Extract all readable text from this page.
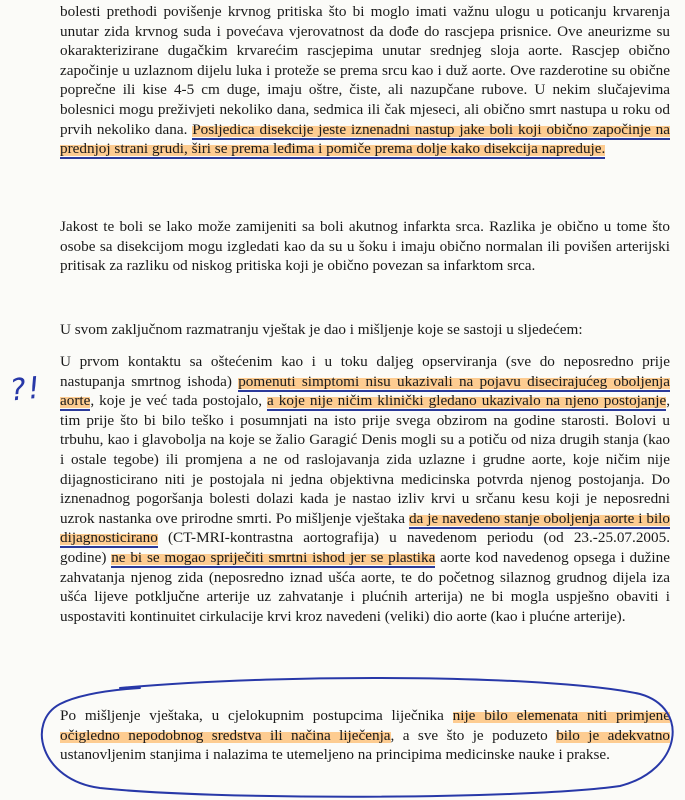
bolesti prethodi povišenje krvnog pritiska što bi moglo imati važnu ulogu u poticanju krvarenja unutar zida krvnog suda i povećava vjerovatnost da dođe do rascjepa prisnice. Ove aneurizme su okarakterizirane dugačkim krvarećim rascjepima unutar srednjeg sloja aorte. Rascjep obično započinje u uzlaznom dijelu luka i proteže se prema srcu kao i duž aorte. Ove razderotine su obične poprečne ili kise 4-5 cm duge, imaju oštre, čiste, ali nazupčane rubove. U nekim slučajevima bolesnici mogu preživjeti nekoliko dana, sedmica ili čak mjeseci, ali obično smrt nastupa u roku od prvih nekoliko dana. Posljedica disekcije jeste iznenadni nastup jake boli koji obično započinje na prednjoj strani grudi, širi se prema leđima i pomiče prema dolje kako disekcija napreduje.

Jakost te boli se lako može zamijeniti sa boli akutnog infarkta srca. Razlika je obično u tome što osobe sa disekcijom mogu izgledati kao da su u šoku i imaju obično normalan ili povišen arterijski pritisak za razliku od niskog pritiska koji je obično povezan sa infarktom srca.

U svom zaključnom razmatranju vještak je dao i mišljenje koje se sastoji u sljedećem:

U prvom kontaktu sa oštećenim kao i u toku daljeg opserviranja (sve do neposredno prije nastupanja smrtnog ishoda) pomenuti simptomi nisu ukazivali na pojavu disecirajućeg oboljenja aorte, koje je već tada postojalo, a koje nije ničim klinički gledano ukazivalo na njeno postojanje, tim prije što bi bilo teško i posumnjati na isto prije svega obzirom na godine starosti. Bolovi u trbuhu, kao i glavobolja na koje se žalio Garagić Denis mogli su a potiču od niza drugih stanja (kao i ostale tegobe) ili promjena a ne od raslojavanja zida uzlazne i grudne aorte, koje ničim nije dijagnosticirano niti je postojala ni jedna objektivna medicinska potvrda njenog postojanja. Do iznenadnog pogoršanja bolesti dolazi kada je nastao izliv krvi u srčanu kesu koji je neposredni uzrok nastanka ove prirodne smrti. Po mišljenje vještaka da je navedeno stanje oboljenja aorte i bilo dijagnosticirano (CT-MRI-kontrastna aortografija) u navedenom periodu (od 23.-25.07.2005. godine) ne bi se mogao spriječiti smrtni ishod jer se plastika aorte kod navedenog opsega i dužine zahvatanja njenog zida (neposredno iznad ušća aorte, te do početnog silaznog grudnog dijela iza ušća lijeve potključne arterije uz zahvatanje i plućnih arterija) ne bi mogla uspješno obaviti i uspostaviti kontinuitet cirkulacije krvi kroz navedeni (veliki) dio aorte (kao i plućne arterije).

Po mišljenje vještaka, u cjelokupnim postupcima liječnika nije bilo elemenata niti primjene očigledno nepodobnog sredstva ili načina liječenja, a sve što je poduzeto bilo je adekvatno ustanovljenim stanjima i nalazima te utemeljeno na principima medicinske nauke i prakse.

?!
